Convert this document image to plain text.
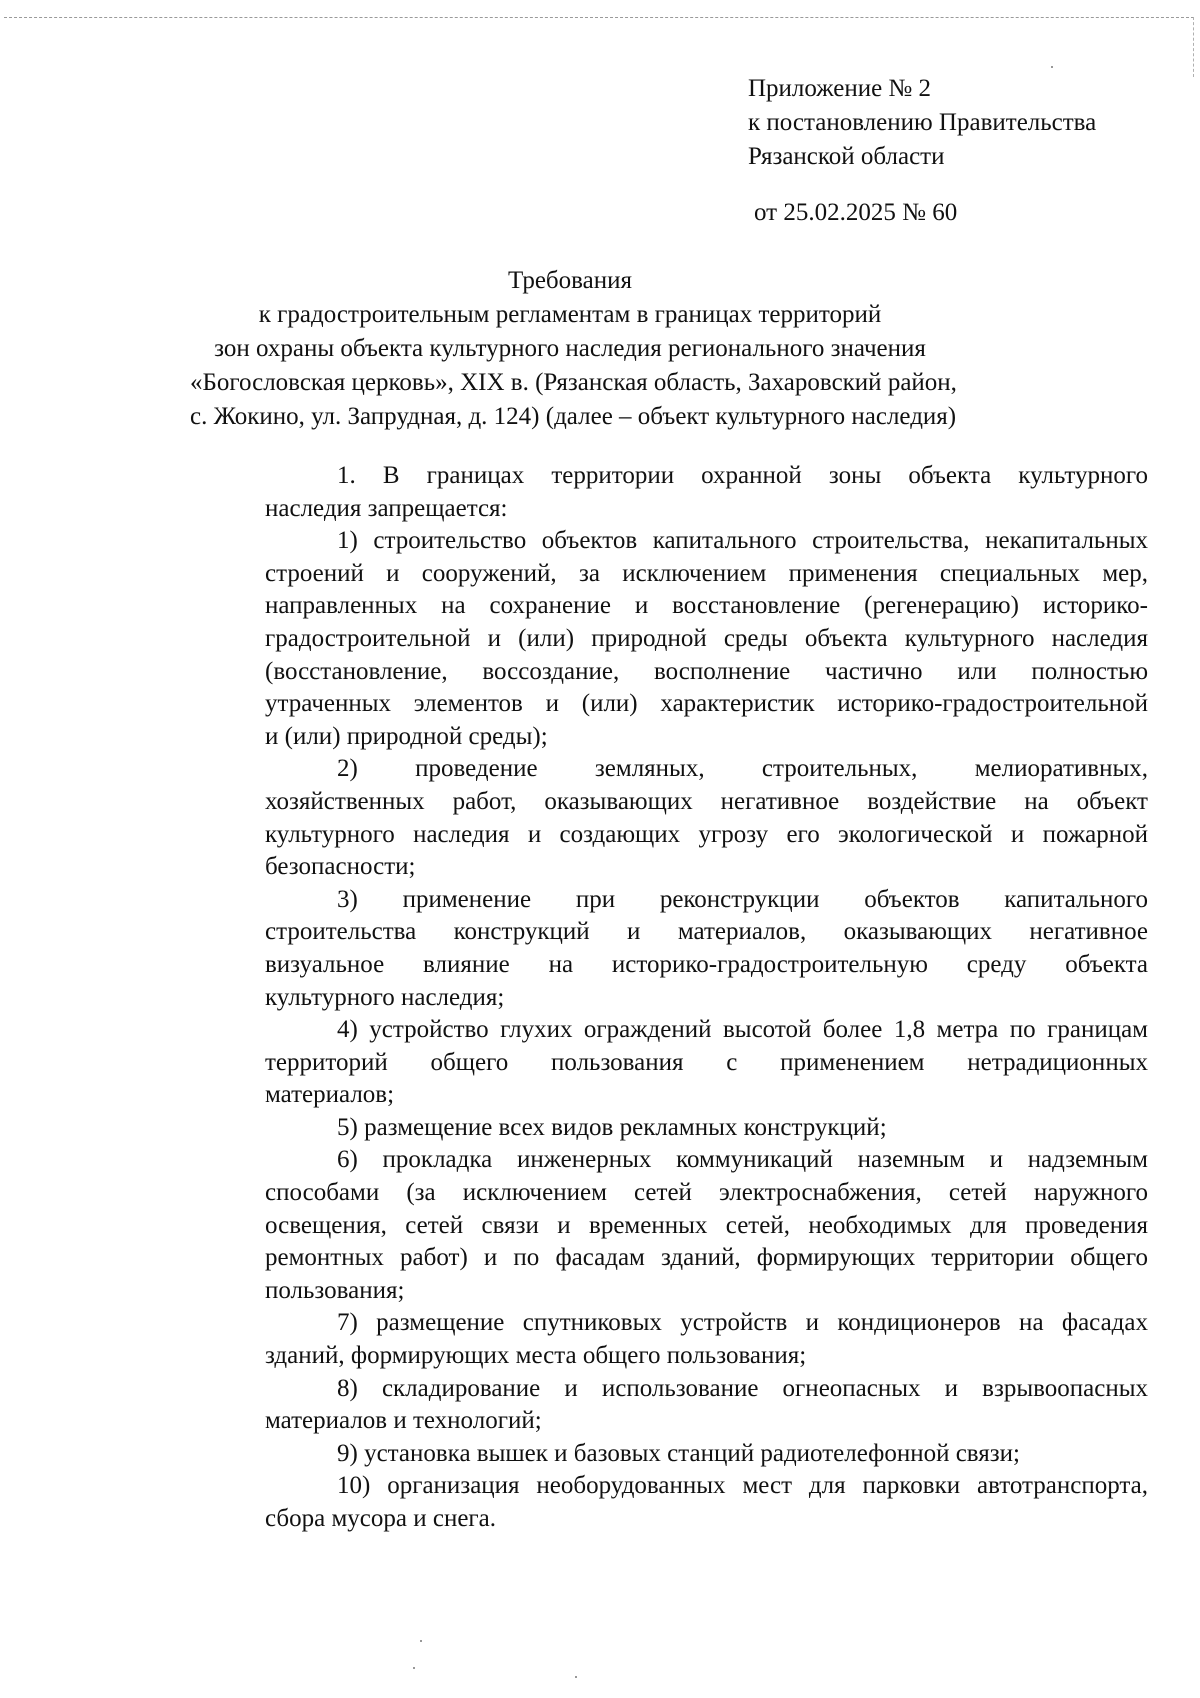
Приложение № 2
к постановлению Правительства
Рязанской области
от 25.02.2025 № 60
Требования
к градостроительным регламентам в границах территорий
зон охраны объекта культурного наследия регионального значения
«Богословская церковь», XIX в. (Рязанская область, Захаровский район,
с. Жокино, ул. Запрудная, д. 124) (далее – объект культурного наследия)
1. В границах территории охранной зоны объекта культурного
наследия запрещается:
1) строительство объектов капитального строительства, некапитальных
строений и сооружений, за исключением применения специальных мер,
направленных на сохранение и восстановление (регенерацию) историко-
градостроительной и (или) природной среды объекта культурного наследия
(восстановление, воссоздание, восполнение частично или полностью
утраченных элементов и (или) характеристик историко-градостроительной
и (или) природной среды);
2) проведение земляных, строительных, мелиоративных,
хозяйственных работ, оказывающих негативное воздействие на объект
культурного наследия и создающих угрозу его экологической и пожарной
безопасности;
3) применение при реконструкции объектов капитального
строительства конструкций и материалов, оказывающих негативное
визуальное влияние на историко-градостроительную среду объекта
культурного наследия;
4) устройство глухих ограждений высотой более 1,8 метра по границам
территорий общего пользования с применением нетрадиционных
материалов;
5) размещение всех видов рекламных конструкций;
6) прокладка инженерных коммуникаций наземным и надземным
способами (за исключением сетей электроснабжения, сетей наружного
освещения, сетей связи и временных сетей, необходимых для проведения
ремонтных работ) и по фасадам зданий, формирующих территории общего
пользования;
7) размещение спутниковых устройств и кондиционеров на фасадах
зданий, формирующих места общего пользования;
8) складирование и использование огнеопасных и взрывоопасных
материалов и технологий;
9) установка вышек и базовых станций радиотелефонной связи;
10) организация необорудованных мест для парковки автотранспорта,
сбора мусора и снега.
